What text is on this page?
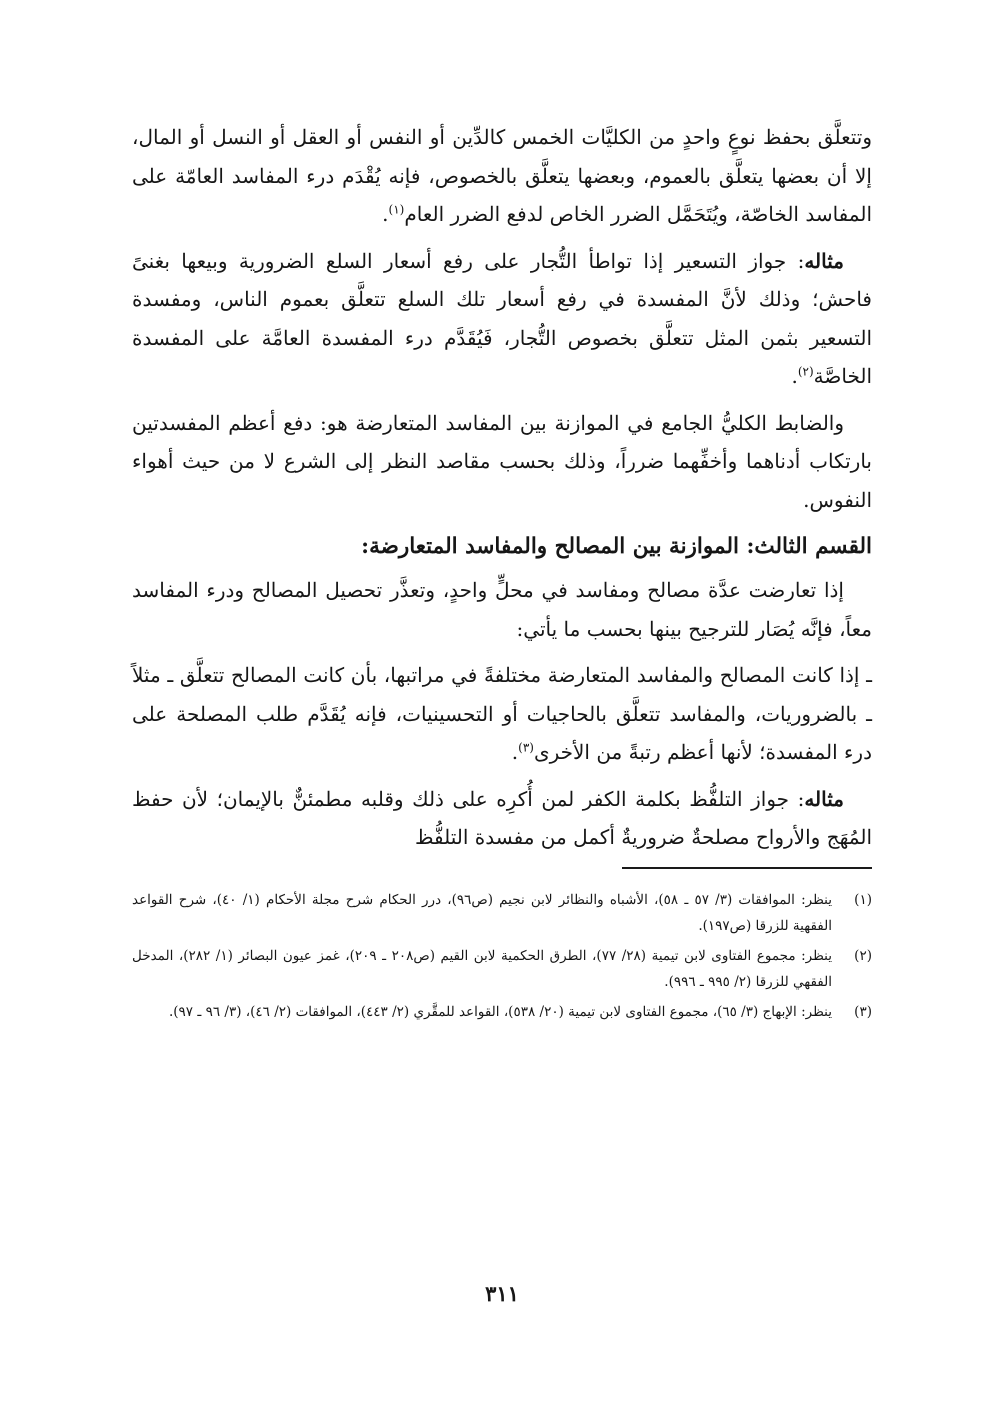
وتتعلَّق بحفظ نوعٍ واحدٍ من الكليَّات الخمس كالدِّين أو النفس أو العقل أو النسل أو المال، إلا أن بعضها يتعلَّق بالعموم، وبعضها يتعلَّق بالخصوص، فإنه يُقْدَم درء المفاسد العامّة على المفاسد الخاصّة، ويُتَحَمَّل الضرر الخاص لدفع الضرر العام$^{(١)}$.

مثاله: جواز التسعير إذا تواطأ التُّجار على رفع أسعار السلع الضرورية وبيعها بغنىً فاحش؛ وذلك لأنَّ المفسدة في رفع أسعار تلك السلع تتعلَّق بعموم الناس، ومفسدة التسعير بثمن المثل تتعلَّق بخصوص التُّجار، فَيُقَدَّم درء المفسدة العامَّة على المفسدة الخاصَّة$^{(٢)}$.

والضابط الكليُّ الجامع في الموازنة بين المفاسد المتعارضة هو: دفع أعظم المفسدتين بارتكاب أدناهما وأخفِّهما ضرراً، وذلك بحسب مقاصد النظر إلى الشرع لا من حيث أهواء النفوس.

القسم الثالث: الموازنة بين المصالح والمفاسد المتعارضة:

إذا تعارضت عدَّة مصالح ومفاسد في محلٍّ واحدٍ، وتعذَّر تحصيل المصالح ودرء المفاسد معاً، فإنَّه يُصَار للترجيح بينها بحسب ما يأتي:

ـ إذا كانت المصالح والمفاسد المتعارضة مختلفةً في مراتبها، بأن كانت المصالح تتعلَّق ـ مثلاً ـ بالضروريات، والمفاسد تتعلَّق بالحاجيات أو التحسينيات، فإنه يُقَدَّم طلب المصلحة على درء المفسدة؛ لأنها أعظم رتبةً من الأخرى$^{(٣)}$.

مثاله: جواز التلفُّظ بكلمة الكفر لمن أُكرِه على ذلك وقلبه مطمئنٌّ بالإيمان؛ لأن حفظ المُهَج والأرواح مصلحةٌ ضروريةٌ أكمل من مفسدة التلفُّظ

(١)
ينظر: الموافقات (٣/ ٥٧ ـ ٥٨)، الأشباه والنظائر لابن نجيم (ص٩٦)، درر الحكام شرح مجلة الأحكام (١/ ٤٠)، شرح القواعد الفقهية للزرقا (ص١٩٧).
(٢)
ينظر: مجموع الفتاوى لابن تيمية (٢٨/ ٧٧)، الطرق الحكمية لابن القيم (ص٢٠٨ ـ ٢٠٩)، غمز عيون البصائر (١/ ٢٨٢)، المدخل الفقهي للزرقا (٢/ ٩٩٥ ـ ٩٩٦).
(٣)
ينظر: الإبهاج (٣/ ٦٥)، مجموع الفتاوى لابن تيمية (٢٠/ ٥٣٨)، القواعد للمقَّري (٢/ ٤٤٣)، الموافقات (٢/ ٤٦)، (٣/ ٩٦ ـ ٩٧).
٣١١
